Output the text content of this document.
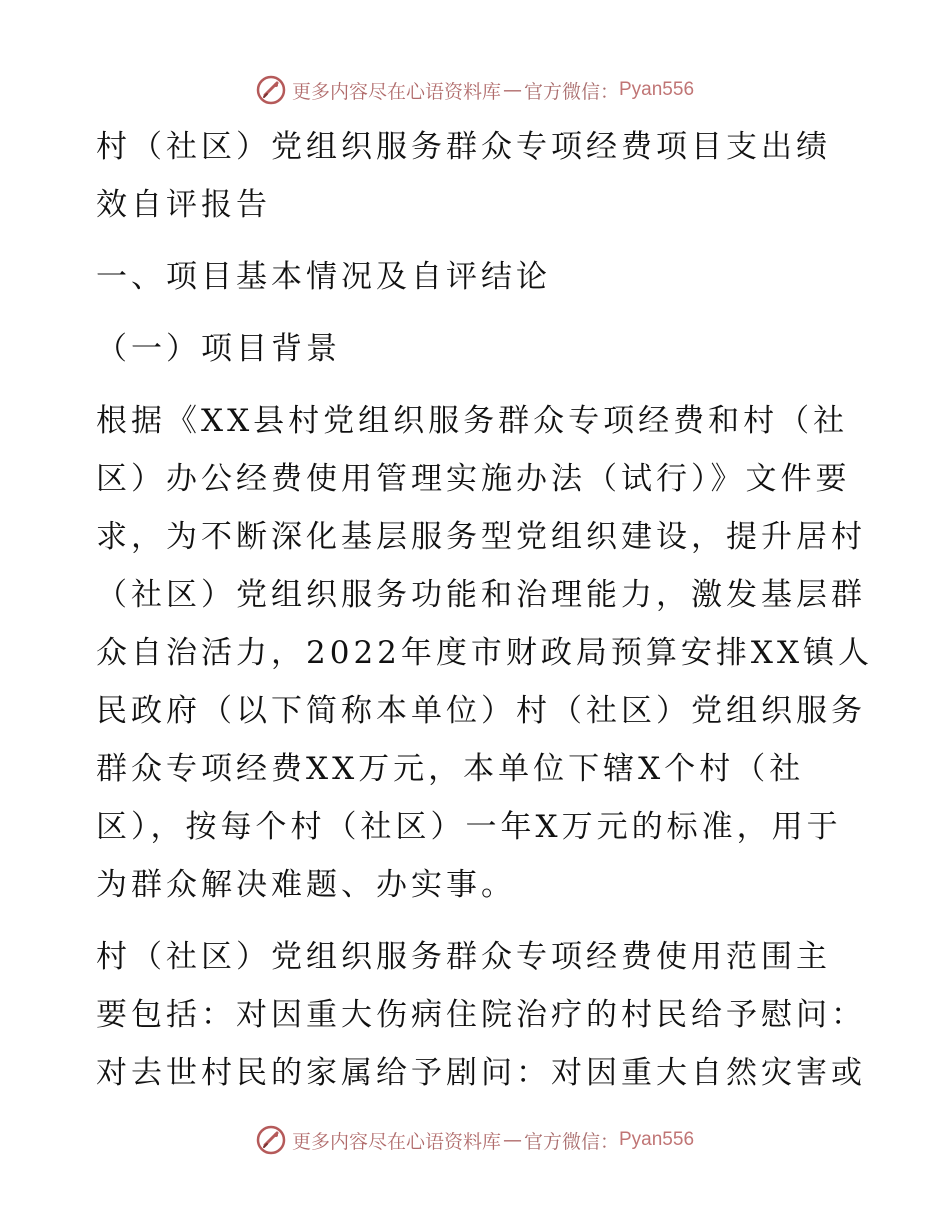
更多内容尽在心语资料库 — 官方微信： Pyan556
村（社区）党组织服务群众专项经费项目支出绩
效自评报告
一、项目基本情况及自评结论
（一）项目背景
根据《XX县村党组织服务群众专项经费和村（社
区）办公经费使用管理实施办法（试行）》文件要
求，为不断深化基层服务型党组织建设，提升居村
（社区）党组织服务功能和治理能力，激发基层群
众自治活力，2022年度市财政局预算安排XX镇人
民政府（以下简称本单位）村（社区）党组织服务
群众专项经费XX万元，本单位下辖X个村（社
区），按每个村（社区）一年X万元的标准，用于
为群众解决难题、办实事。
村（社区）党组织服务群众专项经费使用范围主
要包括：对因重大伤病住院治疗的村民给予慰问：
对去世村民的家属给予剧问：对因重大自然灾害或
更多内容尽在心语资料库 — 官方微信： Pyan556
